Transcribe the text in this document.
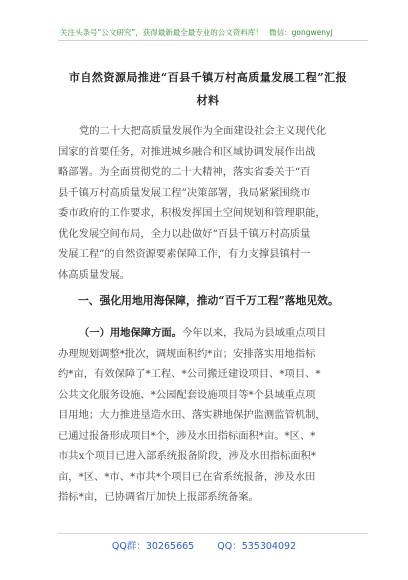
关注头条号“公文研究”，获得最新最全最专业的公文资料库！ 微信：gongwenyj
市自然资源局推进“百县千镇万村高质量发展工程”汇报
材料
党的二十大把高质量发展作为全面建设社会主义现代化
国家的首要任务，对推进城乡融合和区域协调发展作出战
略部署。为全面贯彻党的二十大精神，落实省委关于“百
县千镇万村高质量发展工程”决策部署，我局紧紧围绕市
委市政府的工作要求，积极发挥国土空间规划和管理职能，
优化发展空间布局，全力以赴做好“百县千镇万村高质量
发展工程”的自然资源要素保障工作，有力支撑县镇村一
体高质量发展。
一、强化用地用海保障，推动“百千万工程”落地见效。
（一）用地保障方面。今年以来，我局为县域重点项目
办理规划调整*批次，调规面积约*亩；安排落实用地指标
约*亩，有效保障了*工程、*公司搬迁建设项目、*项目、*
公共文化服务设施、*公园配套设施项目等*个县域重点项
目用地；大力推进垦造水田、落实耕地保护监测监管机制，
已通过报备形成项目*个，涉及水田指标面积*亩。*区、*
市共x个项目已进入部系统报备阶段，涉及水田指标面积*
亩，*区、*市、*市共*个项目已在省系统报备，涉及水田
指标*亩，已协调省厅加快上报部系统备案。
QQ群：30265665 QQ：535304092
